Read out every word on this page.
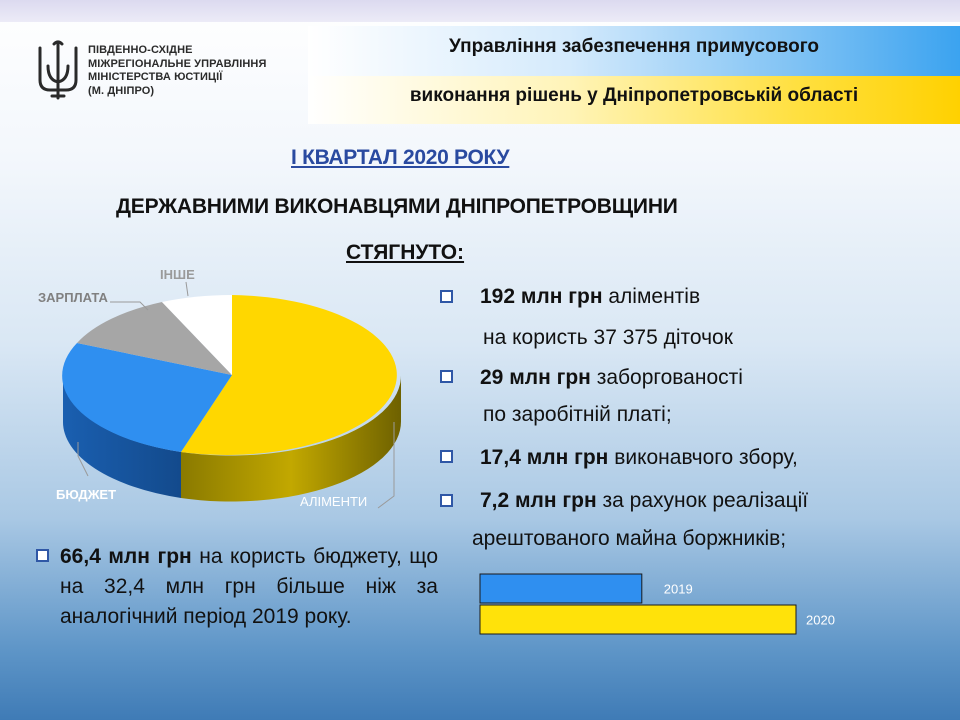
ПІВДЕННО-СХІДНЕ
МІЖРЕГІОНАЛЬНЕ УПРАВЛІННЯ
МІНІСТЕРСТВА ЮСТИЦІЇ
(М. ДНІПРО)
Управління забезпечення примусового
виконання рішень у Дніпропетровській області
І КВАРТАЛ 2020 РОКУ
ДЕРЖАВНИМИ ВИКОНАВЦЯМИ ДНІПРОПЕТРОВЩИНИ
СТЯГНУТО:
ЗАРПЛАТА
ІНШЕ
БЮДЖЕТ	АЛІМЕНТИ
192 млн грн аліментів
на користь 37 375 діточок
29 млн грн заборгованості
по заробітній платі;
17,4 млн грн виконавчого збору,
7,2 млн грн за рахунок реалізації
арештованого майна боржників;
66,4 млн грн на користь бюджету, що на 32,4 млн грн більше ніж за аналогічний період 2019 року.
2019
2020
